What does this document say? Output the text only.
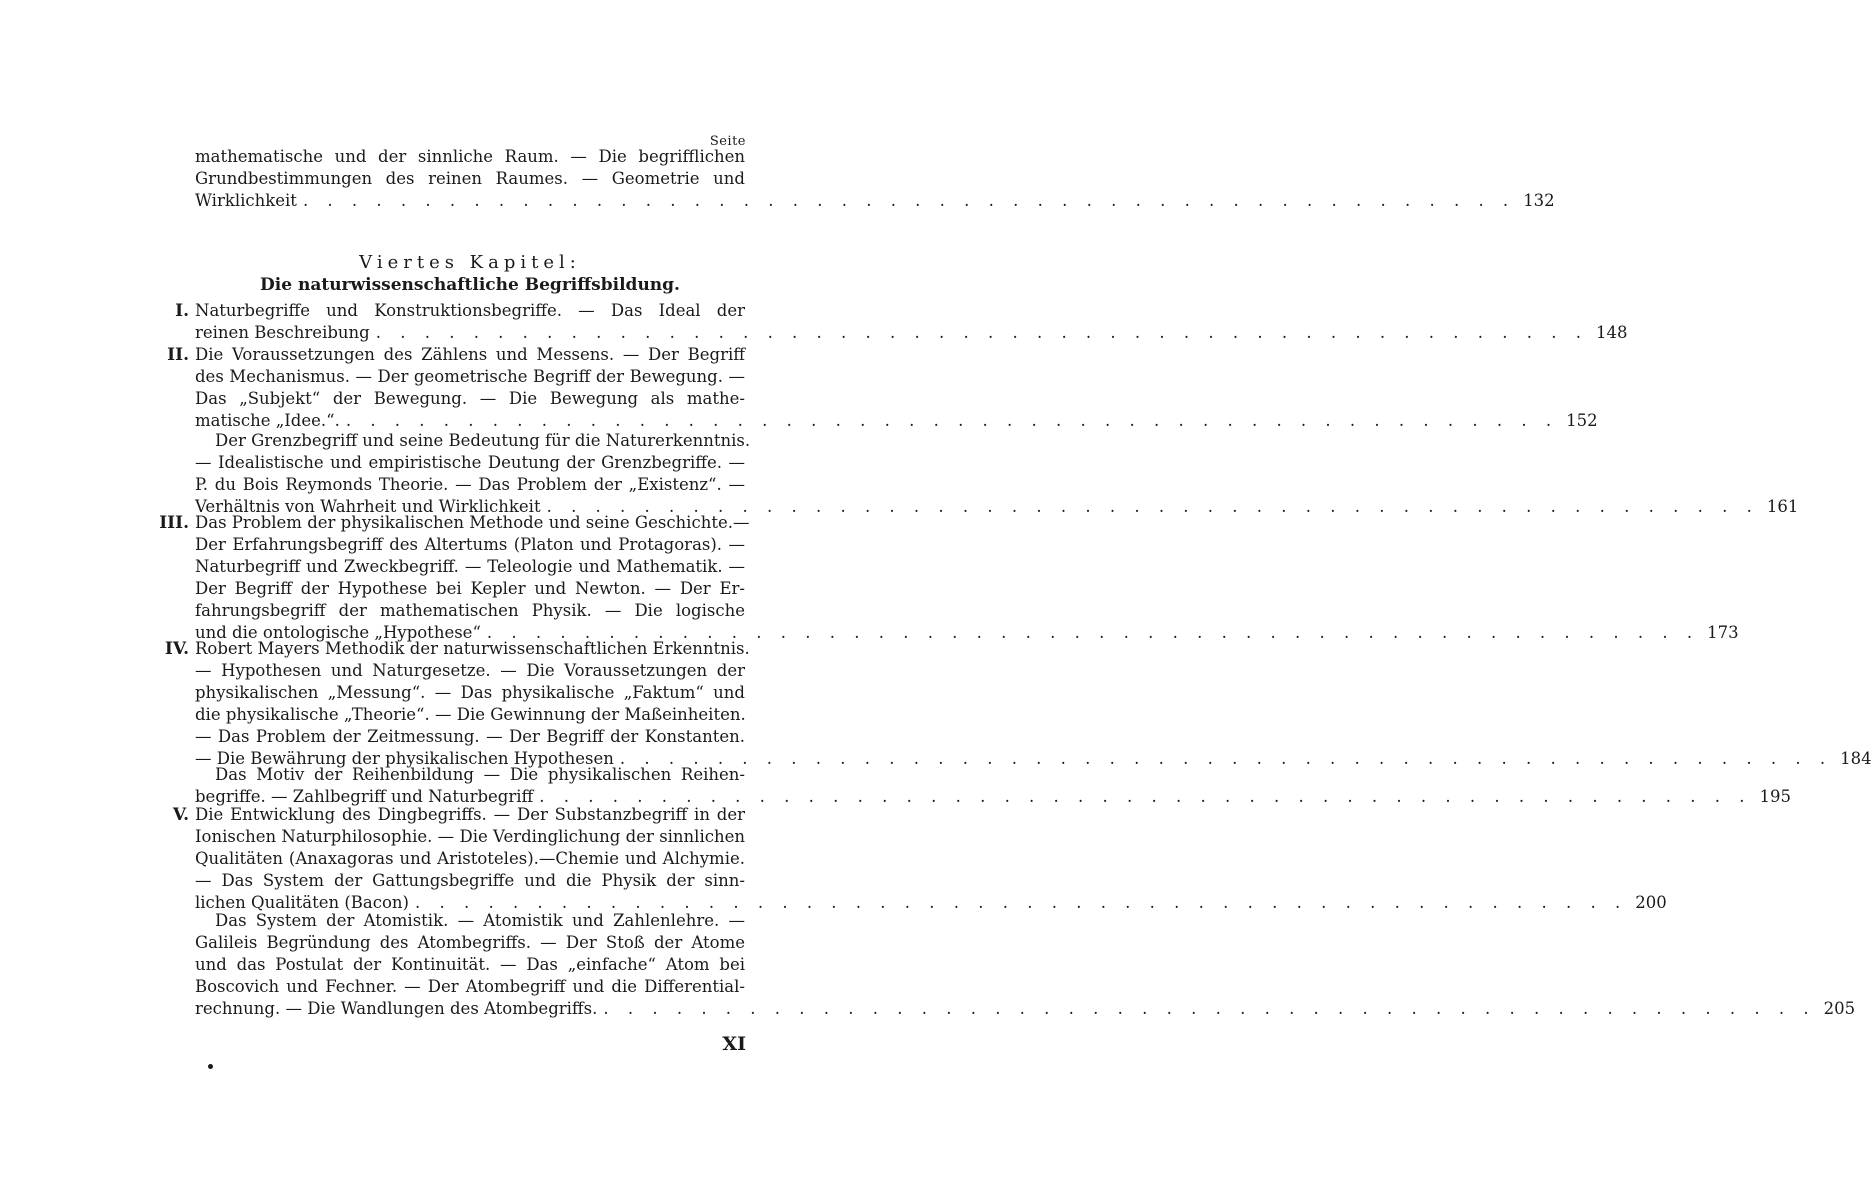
Seite
mathematische und der sinnliche Raum. — Die begrifflichen
Grundbestimmungen des reinen Raumes. — Geometrie und
Wirklichkeit . . . . . . . . . . . . . . . . . . . . . . . . . . . . . . . . . . . . . . . . . . . . . . . . . . 132
Viertes Kapitel:
Die naturwissenschaftliche Begriffsbildung.
I. Naturbegriffe und Konstruktionsbegriffe. — Das Ideal der
reinen Beschreibung . . . . . . . . . . . . . . . . . . . . . . . . . . . . . . . . . . . . . . . . . . . . . . . . . . 148
II. Die Voraussetzungen des Zählens und Messens. — Der Begriff
des Mechanismus. — Der geometrische Begriff der Bewegung. —
Das „Subjekt“ der Bewegung. — Die Bewegung als mathe-
matische „Idee.“. . . . . . . . . . . . . . . . . . . . . . . . . . . . . . . . . . . . . . . . . . . . . . . . . . . 152
Der Grenzbegriff und seine Bedeutung für die Naturerkenntnis.
— Idealistische und empiristische Deutung der Grenzbegriffe. —
P. du Bois Reymonds Theorie. — Das Problem der „Existenz“. —
Verhältnis von Wahrheit und Wirklichkeit . . . . . . . . . . . . . . . . . . . . . . . . . . . . . . . . . . . . . . . . . . . . . . . . . . 161
III. Das Problem der physikalischen Methode und seine Geschichte.—
Der Erfahrungsbegriff des Altertums (Platon und Protagoras). —
Naturbegriff und Zweckbegriff. — Teleologie und Mathematik. —
Der Begriff der Hypothese bei Kepler und Newton. — Der Er-
fahrungsbegriff der mathematischen Physik. — Die logische
und die ontologische „Hypothese“ . . . . . . . . . . . . . . . . . . . . . . . . . . . . . . . . . . . . . . . . . . . . . . . . . . 173
IV. Robert Mayers Methodik der naturwissenschaftlichen Erkenntnis.
— Hypothesen und Naturgesetze. — Die Voraussetzungen der
physikalischen „Messung“. — Das physikalische „Faktum“ und
die physikalische „Theorie“. — Die Gewinnung der Maßeinheiten.
— Das Problem der Zeitmessung. — Der Begriff der Konstanten.
— Die Bewährung der physikalischen Hypothesen . . . . . . . . . . . . . . . . . . . . . . . . . . . . . . . . . . . . . . . . . . . . . . . . . . 184
Das Motiv der Reihenbildung — Die physikalischen Reihen-
begriffe. — Zahlbegriff und Naturbegriff . . . . . . . . . . . . . . . . . . . . . . . . . . . . . . . . . . . . . . . . . . . . . . . . . . 195
V. Die Entwicklung des Dingbegriffs. — Der Substanzbegriff in der
Ionischen Naturphilosophie. — Die Verdinglichung der sinnlichen
Qualitäten (Anaxagoras und Aristoteles).—Chemie und Alchymie.
— Das System der Gattungsbegriffe und die Physik der sinn-
lichen Qualitäten (Bacon) . . . . . . . . . . . . . . . . . . . . . . . . . . . . . . . . . . . . . . . . . . . . . . . . . . 200
Das System der Atomistik. — Atomistik und Zahlenlehre. —
Galileis Begründung des Atombegriffs. — Der Stoß der Atome
und das Postulat der Kontinuität. — Das „einfache“ Atom bei
Boscovich und Fechner. — Der Atombegriff und die Differential-
rechnung. — Die Wandlungen des Atombegriffs. . . . . . . . . . . . . . . . . . . . . . . . . . . . . . . . . . . . . . . . . . . . . . . . . . . 205
XI
